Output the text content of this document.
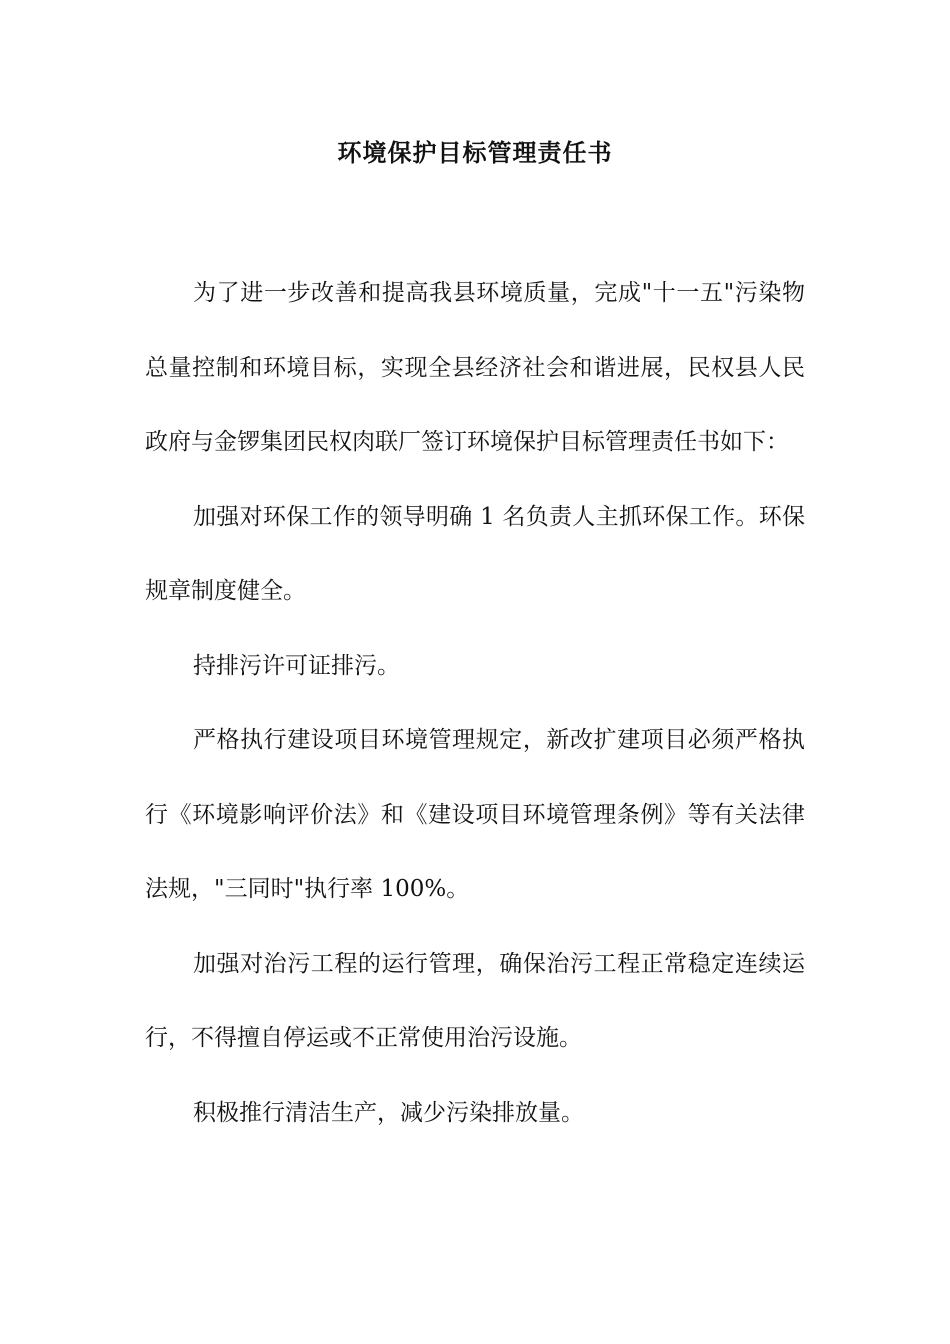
环境保护目标管理责任书

为了进一步改善和提高我县环境质量，完成"十一五"污染物总量控制和环境目标，实现全县经济社会和谐进展，民权县人民政府与金锣集团民权肉联厂签订环境保护目标管理责任书如下：

加强对环保工作的领导明确 1 名负责人主抓环保工作。环保规章制度健全。

持排污许可证排污。

严格执行建设项目环境管理规定，新改扩建项目必须严格执行《环境影响评价法》和《建设项目环境管理条例》等有关法律法规，"三同时"执行率 100%。

加强对治污工程的运行管理，确保治污工程正常稳定连续运行，不得擅自停运或不正常使用治污设施。

积极推行清洁生产，减少污染排放量。
